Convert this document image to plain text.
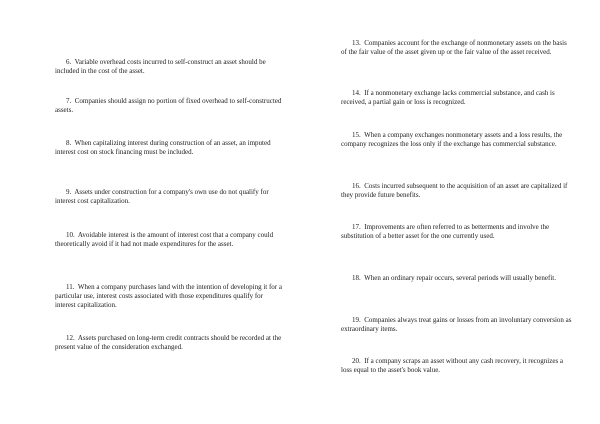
6 . Variable overhead costs incurred to self-construct an asset should be included in the cost of the asset.

7 . Companies should assign no portion of fixed overhead to self-constructed assets.

8 . When capitalizing interest during construction of an asset, an imputed interest cost on stock financing must be included.

9 . Assets under construction for a company's own use do not qualify for interest cost capitalization.

10 . Avoidable interest is the amount of interest cost that a company could theoretically avoid if it had not made expenditures for the asset.

11 . When a company purchases land with the intention of developing it for a particular use, interest costs associated with those expenditures qualify for interest capitalization.

12 . Assets purchased on long-term credit contracts should be recorded at the present value of the consideration exchanged.

13 . Companies account for the exchange of nonmonetary assets on the basis of the fair value of the asset given up or the fair value of the asset received.

14 . If a nonmonetary exchange lacks commercial substance, and cash is received, a partial gain or loss is recognized.

15 . When a company exchanges nonmonetary assets and a loss results, the company recognizes the loss only if the exchange has commercial substance.

16 . Costs incurred subsequent to the acquisition of an asset are capitalized if they provide future benefits.

17 . Improvements are often referred to as betterments and involve the substitution of a better asset for the one currently used.

18 . When an ordinary repair occurs, several periods will usually benefit.

19 . Companies always treat gains or losses from an involuntary conversion as extraordinary items.

20 . If a company scraps an asset without any cash recovery, it recognizes a loss equal to the asset's book value.
